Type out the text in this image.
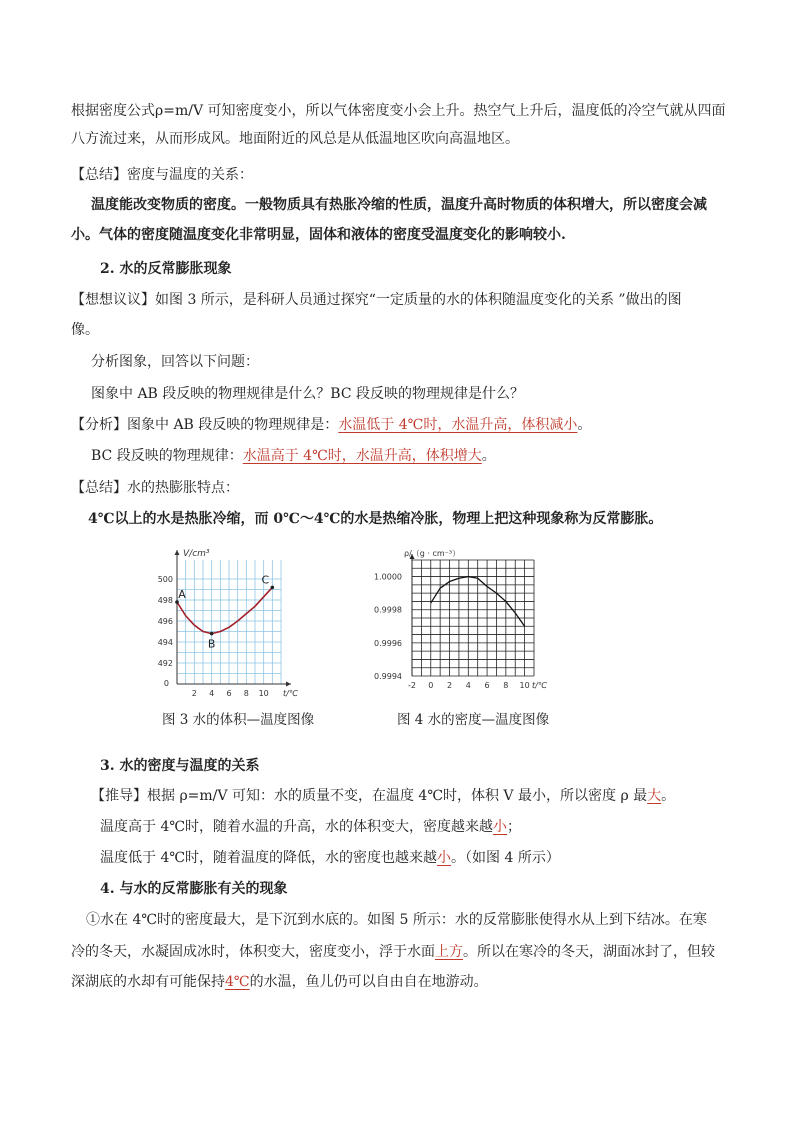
根据密度公式ρ=m/V 可知密度变小，所以气体密度变小会上升。热空气上升后，温度低的冷空气就从四面

八方流过来，从而形成风。地面附近的风总是从低温地区吹向高温地区。

【总结】密度与温度的关系：

温度能改变物质的密度。一般物质具有热胀冷缩的性质，温度升高时物质的体积增大，所以密度会减

小。气体的密度随温度变化非常明显，固体和液体的密度受温度变化的影响较小.

2. 水的反常膨胀现象

【想想议议】如图 3 所示，是科研人员通过探究“一定质量的水的体积随温度变化的关系 ”做出的图

像。

分析图象，回答以下问题：

图象中 AB 段反映的物理规律是什么？BC 段反映的物理规律是什么？

【分析】图象中 AB 段反映的物理规律是：水温低于 4℃时，水温升高，体积减小。

BC 段反映的物理规律：水温高于 4℃时，水温升高，体积增大。

【总结】水的热膨胀特点：

4℃以上的水是热胀冷缩，而 0℃～4℃的水是热缩冷胀，物理上把这种现象称为反常膨胀。

492
494
496
498
500
2 4 6 8 10
0
V/cm³
t/℃
A
B
C
0.9994
0.9996
0.9998
1.0000
-2 0 2 4 6 8 10
ρ/（g · cm⁻³）
t/℃
图 3 水的体积—温度图像	图 4 水的密度—温度图像

3. 水的密度与温度的关系

【推导】根据 ρ=m/V 可知：水的质量不变，在温度 4℃时，体积 V 最小，所以密度 ρ 最大。

温度高于 4℃时，随着水温的升高，水的体积变大，密度越来越小；

温度低于 4℃时，随着温度的降低，水的密度也越来越小。（如图 4 所示）

4. 与水的反常膨胀有关的现象

①水在 4℃时的密度最大，是下沉到水底的。如图 5 所示：水的反常膨胀使得水从上到下结冰。在寒

冷的冬天，水凝固成冰时，体积变大，密度变小，浮于水面上方。所以在寒冷的冬天，湖面冰封了，但较

深湖底的水却有可能保持4℃的水温，鱼儿仍可以自由自在地游动。
